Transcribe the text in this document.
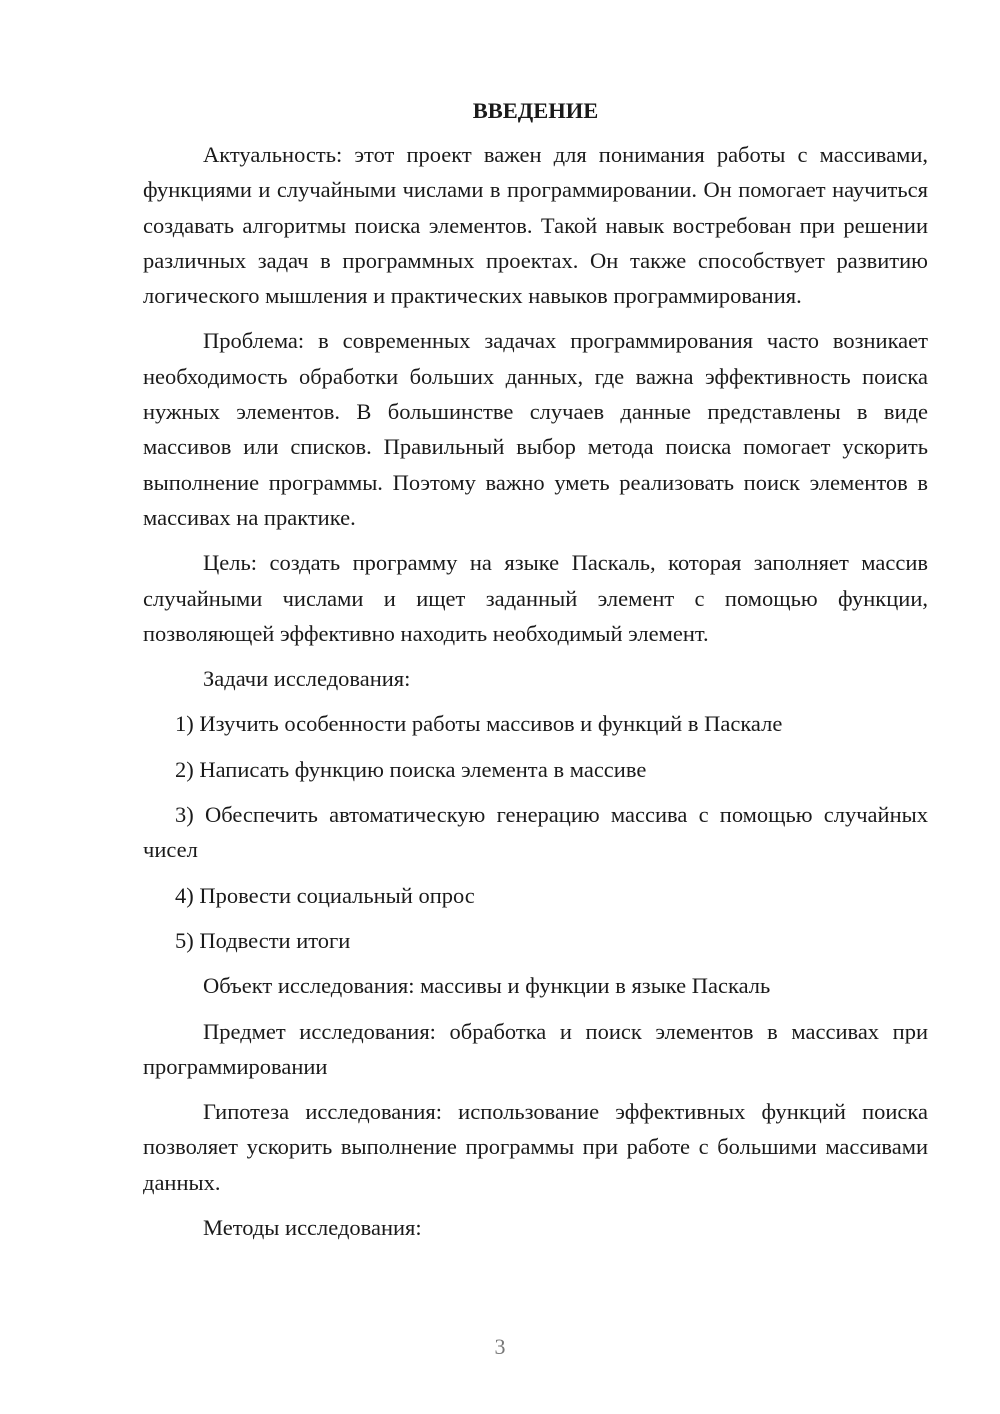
ВВЕДЕНИЕ

Актуальность: этот проект важен для понимания работы с массивами, функциями и случайными числами в программировании. Он помогает научиться создавать алгоритмы поиска элементов. Такой навык востребован при решении различных задач в программных проектах. Он также способствует развитию логического мышления и практических навыков программирования.

Проблема: в современных задачах программирования часто возникает необходимость обработки больших данных, где важна эффективность поиска нужных элементов. В большинстве случаев данные представлены в виде массивов или списков. Правильный выбор метода поиска помогает ускорить выполнение программы. Поэтому важно уметь реализовать поиск элементов в массивах на практике.

Цель: создать программу на языке Паскаль, которая заполняет массив случайными числами и ищет заданный элемент с помощью функции, позволяющей эффективно находить необходимый элемент.

Задачи исследования:

1) Изучить особенности работы массивов и функций в Паскале

2) Написать функцию поиска элемента в массиве

3) Обеспечить автоматическую генерацию массива с помощью случайных чисел

4) Провести социальный опрос

5) Подвести итоги

Объект исследования: массивы и функции в языке Паскаль

Предмет исследования: обработка и поиск элементов в массивах при программировании

Гипотеза исследования: использование эффективных функций поиска позволяет ускорить выполнение программы при работе с большими массивами данных.

Методы исследования:

3
